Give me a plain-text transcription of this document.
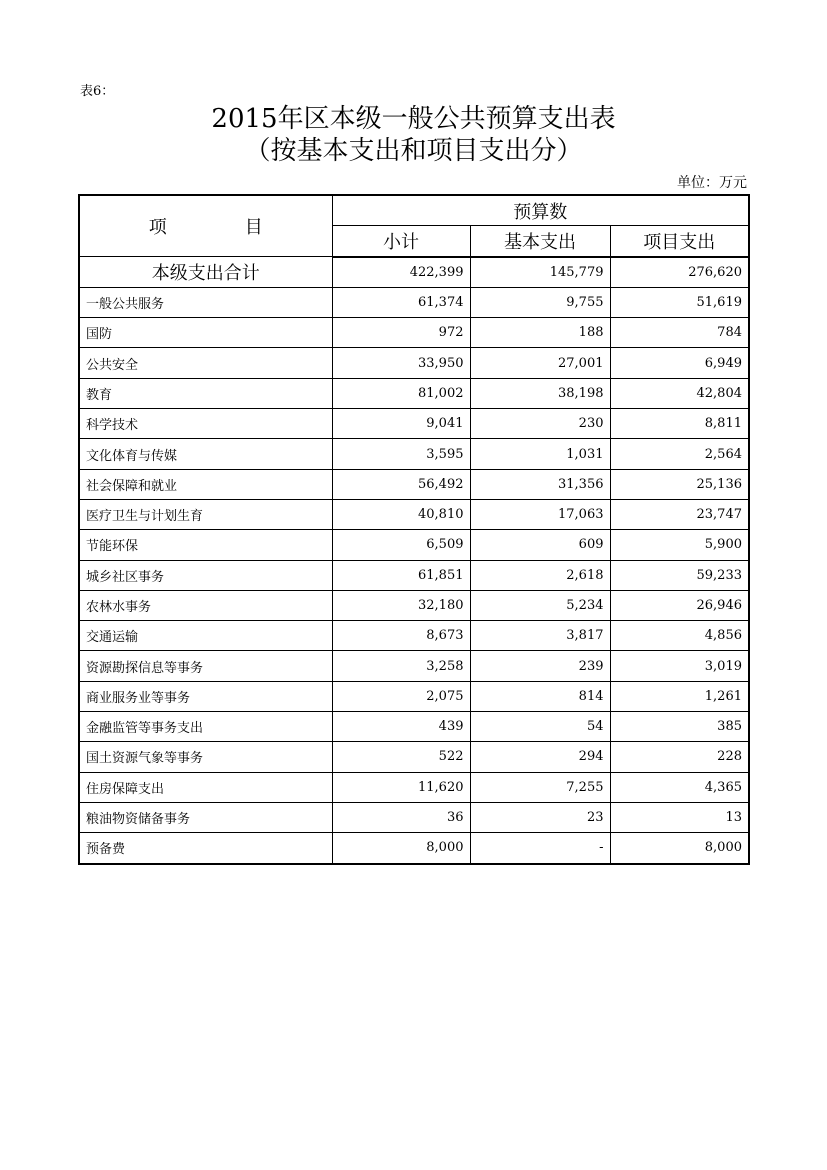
表6：
2015年区本级一般公共预算支出表
（按基本支出和项目支出分）
单位：万元
项 目	预算数		
	小计	基本支出	项目支出
本级支出合计	422,399	145,779	276,620
一般公共服务	61,374	9,755	51,619
国防	972	188	784
公共安全	33,950	27,001	6,949
教育	81,002	38,198	42,804
科学技术	9,041	230	8,811
文化体育与传媒	3,595	1,031	2,564
社会保障和就业	56,492	31,356	25,136
医疗卫生与计划生育	40,810	17,063	23,747
节能环保	6,509	609	5,900
城乡社区事务	61,851	2,618	59,233
农林水事务	32,180	5,234	26,946
交通运输	8,673	3,817	4,856
资源勘探信息等事务	3,258	239	3,019
商业服务业等事务	2,075	814	1,261
金融监管等事务支出	439	54	385
国土资源气象等事务	522	294	228
住房保障支出	11,620	7,255	4,365
粮油物资储备事务	36	23	13
预备费	8,000	-	8,000
